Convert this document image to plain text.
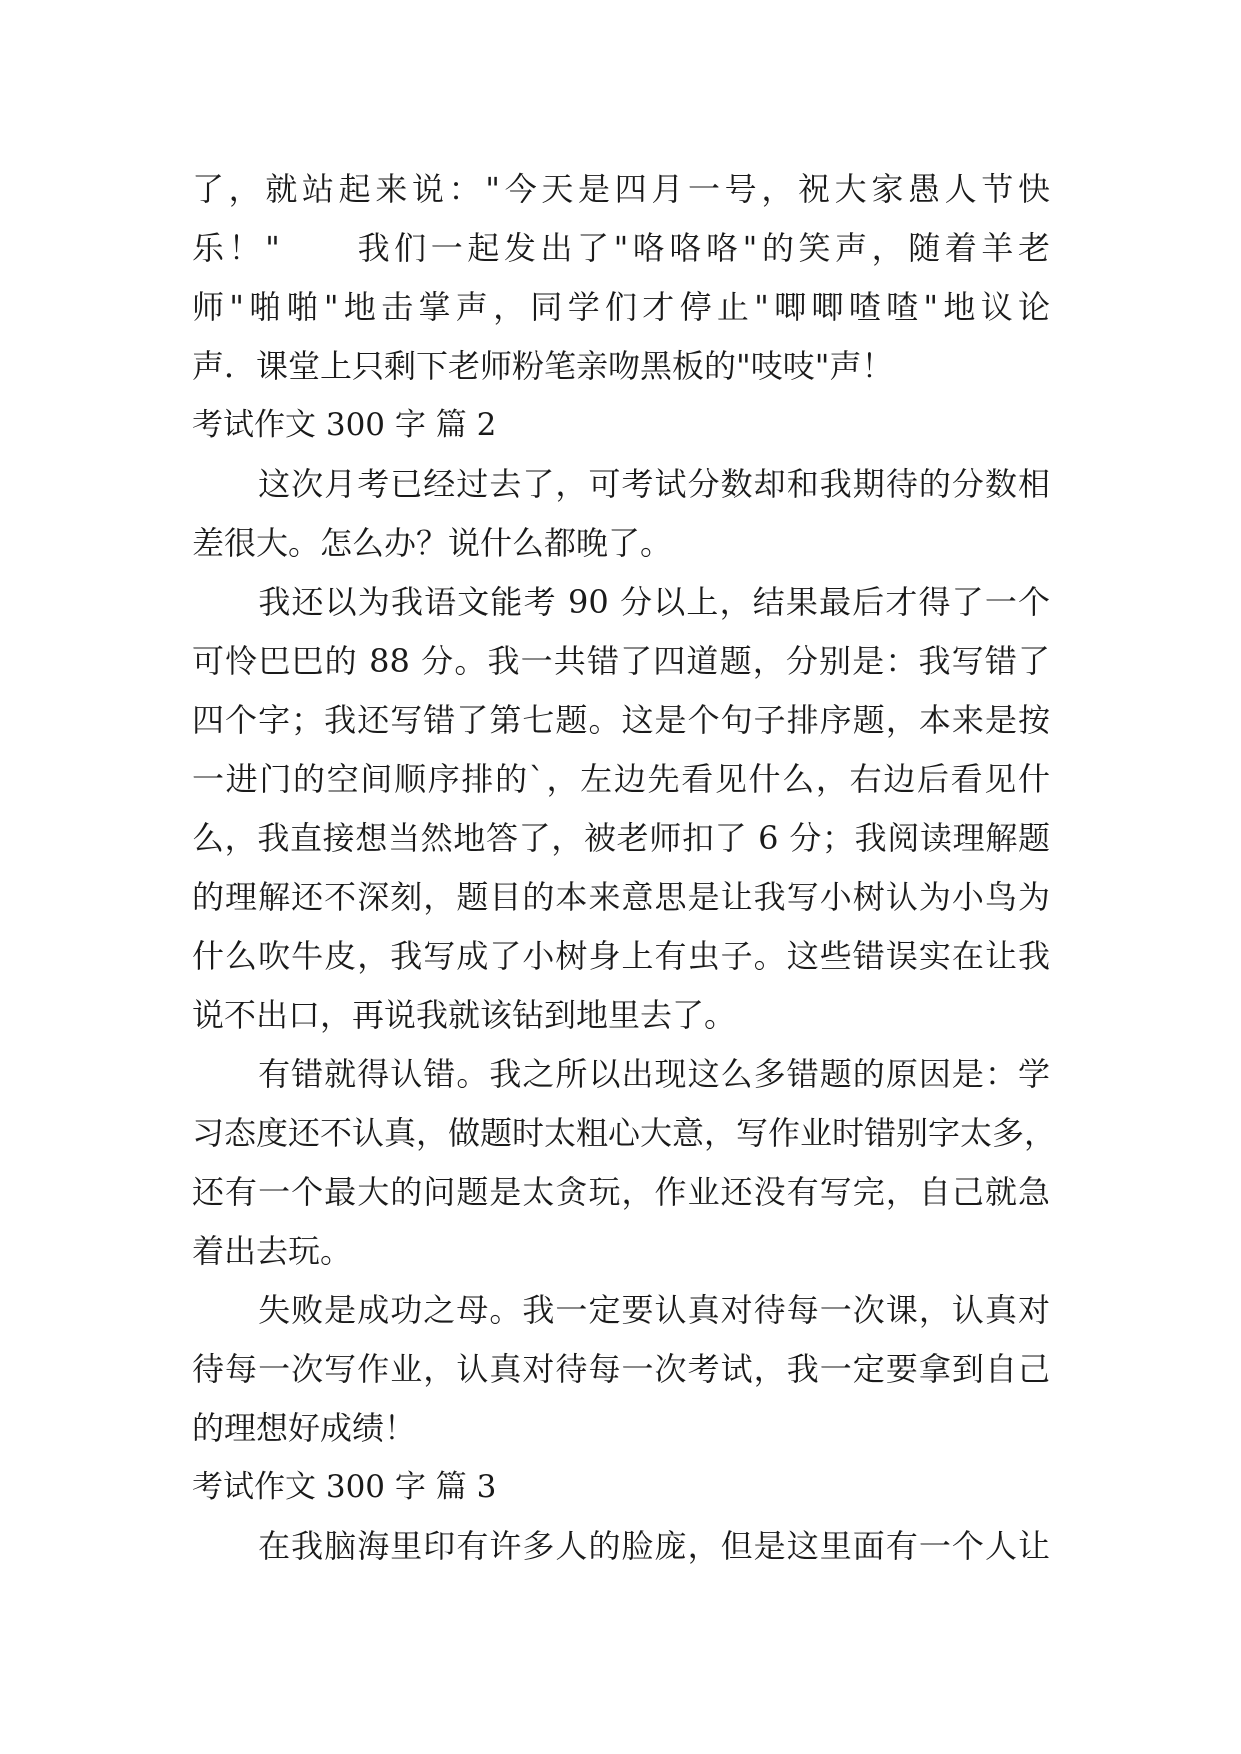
了，就站起来说："今天是四月一号，祝大家愚人节快
乐！"　　我们一起发出了"咯咯咯"的笑声，随着羊老
师"啪啪"地击掌声，同学们才停止"唧唧喳喳"地议论
声．课堂上只剩下老师粉笔亲吻黑板的"吱吱"声！
考试作文 300 字 篇 2
　　这次月考已经过去了，可考试分数却和我期待的分数相
差很大。怎么办？说什么都晚了。
　　我还以为我语文能考 90 分以上，结果最后才得了一个
可怜巴巴的 88 分。我一共错了四道题，分别是：我写错了
四个字；我还写错了第七题。这是个句子排序题，本来是按
一进门的空间顺序排的`，左边先看见什么，右边后看见什
么，我直接想当然地答了，被老师扣了 6 分；我阅读理解题
的理解还不深刻，题目的本来意思是让我写小树认为小鸟为
什么吹牛皮，我写成了小树身上有虫子。这些错误实在让我
说不出口，再说我就该钻到地里去了。
　　有错就得认错。我之所以出现这么多错题的原因是：学
习态度还不认真，做题时太粗心大意，写作业时错别字太多，
还有一个最大的问题是太贪玩，作业还没有写完，自己就急
着出去玩。
　　失败是成功之母。我一定要认真对待每一次课，认真对
待每一次写作业，认真对待每一次考试，我一定要拿到自己
的理想好成绩！
考试作文 300 字 篇 3
　　在我脑海里印有许多人的脸庞，但是这里面有一个人让
